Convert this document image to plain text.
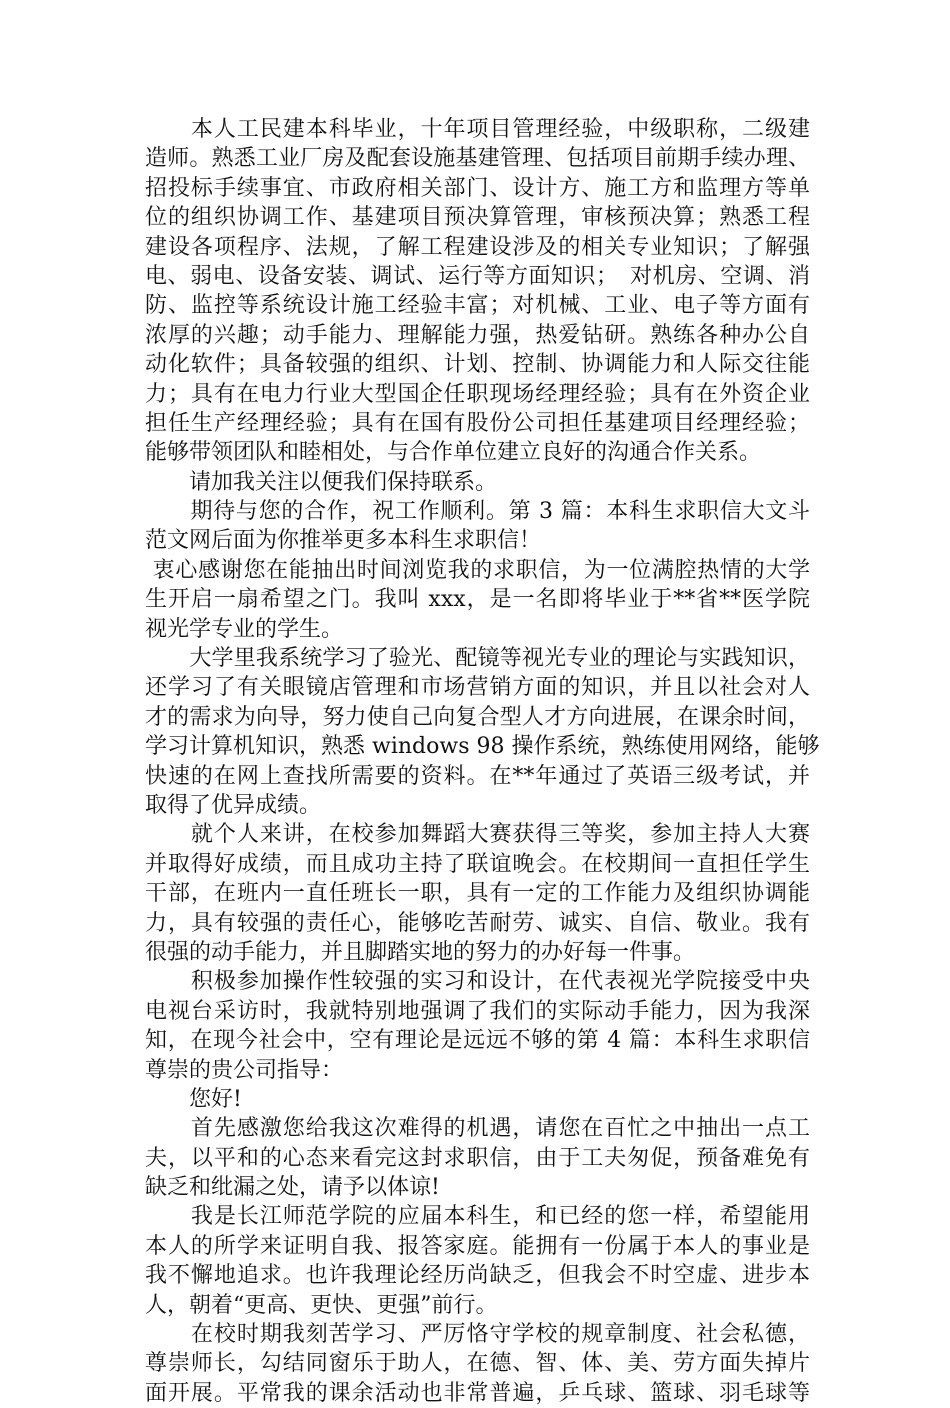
　　本人工民建本科毕业，十年项目管理经验，中级职称，二级建
造师。熟悉工业厂房及配套设施基建管理、包括项目前期手续办理、
招投标手续事宜、市政府相关部门、设计方、施工方和监理方等单
位的组织协调工作、基建项目预决算管理，审核预决算；熟悉工程
建设各项程序、法规，了解工程建设涉及的相关专业知识；了解强
电、弱电、设备安装、调试、运行等方面知识；　对机房、空调、消
防、监控等系统设计施工经验丰富；对机械、工业、电子等方面有
浓厚的兴趣；动手能力、理解能力强，热爱钻研。熟练各种办公自
动化软件；具备较强的组织、计划、控制、协调能力和人际交往能
力；具有在电力行业大型国企任职现场经理经验；具有在外资企业
担任生产经理经验；具有在国有股份公司担任基建项目经理经验；
能够带领团队和睦相处，与合作单位建立良好的沟通合作关系。
　　请加我关注以便我们保持联系。
　　期待与您的合作，祝工作顺利。第 3 篇：本科生求职信大文斗
范文网后面为你推举更多本科生求职信！
衷心感谢您在能抽出时间浏览我的求职信，为一位满腔热情的大学
生开启一扇希望之门。我叫 xxx，是一名即将毕业于**省**医学院
视光学专业的学生。
　　大学里我系统学习了验光、配镜等视光专业的理论与实践知识，
还学习了有关眼镜店管理和市场营销方面的知识，并且以社会对人
才的需求为向导，努力使自己向复合型人才方向进展，在课余时间，
学习计算机知识，熟悉 windows 98 操作系统，熟练使用网络，能够
快速的在网上查找所需要的资料。在**年通过了英语三级考试，并
取得了优异成绩。
　　就个人来讲，在校参加舞蹈大赛获得三等奖，参加主持人大赛
并取得好成绩，而且成功主持了联谊晚会。在校期间一直担任学生
干部，在班内一直任班长一职，具有一定的工作能力及组织协调能
力，具有较强的责任心，能够吃苦耐劳、诚实、自信、敬业。我有
很强的动手能力，并且脚踏实地的努力的办好每一件事。
　　积极参加操作性较强的实习和设计，在代表视光学院接受中央
电视台采访时，我就特别地强调了我们的实际动手能力，因为我深
知，在现今社会中，空有理论是远远不够的第 4 篇：本科生求职信
尊崇的贵公司指导：
　　您好!
　　首先感激您给我这次难得的机遇，请您在百忙之中抽出一点工
夫，以平和的心态来看完这封求职信，由于工夫匆促，预备难免有
缺乏和纰漏之处，请予以体谅!
　　我是长江师范学院的应届本科生，和已经的您一样，希望能用
本人的所学来证明自我、报答家庭。能拥有一份属于本人的事业是
我不懈地追求。也许我理论经历尚缺乏，但我会不时空虚、进步本
人，朝着“更高、更快、更强”前行。
　　在校时期我刻苦学习、严厉恪守学校的规章制度、社会私德，
尊崇师长，勾结同窗乐于助人，在德、智、体、美、劳方面失掉片
面开展。平常我的课余活动也非常普遍，乒乓球、篮球、羽毛球等
